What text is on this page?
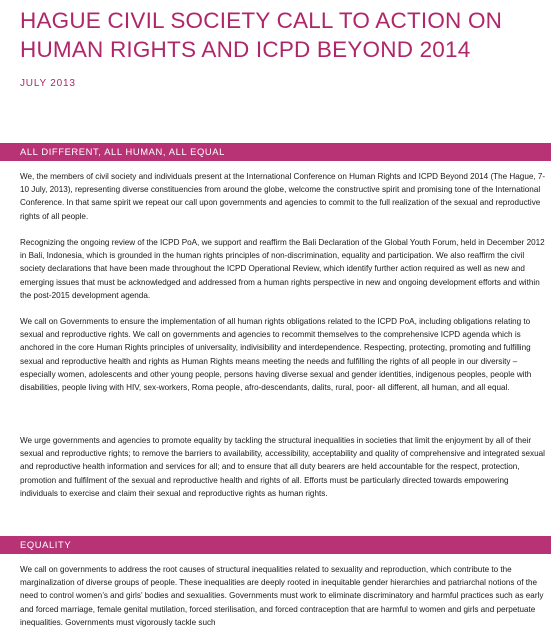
HAGUE CIVIL SOCIETY CALL TO ACTION ON HUMAN RIGHTS AND ICPD BEYOND 2014
JULY 2013
ALL DIFFERENT, ALL HUMAN, ALL EQUAL

We, the members of civil society and individuals present at the International Conference on Human Rights and ICPD Beyond 2014 (The Hague, 7-10 July, 2013), representing diverse constituencies from around the globe, welcome the constructive spirit and promising tone of the International Conference. In that same spirit we repeat our call upon governments and agencies to commit to the full realization of the sexual and reproductive rights of all people.

Recognizing the ongoing review of the ICPD PoA, we support and reaffirm the Bali Declaration of the Global Youth Forum, held in December 2012 in Bali, Indonesia, which is grounded in the human rights principles of non-discrimination, equality and participation. We also reaffirm the civil society declarations that have been made throughout the ICPD Operational Review, which identify further action required as well as new and emerging issues that must be acknowledged and addressed from a human rights perspective in new and ongoing development efforts and within the post-2015 development agenda.

We call on Governments to ensure the implementation of all human rights obligations related to the ICPD PoA, including obligations relating to sexual and reproductive rights. We call on governments and agencies to recommit themselves to the comprehensive ICPD agenda which is anchored in the core Human Rights principles of universality, indivisibility and interdependence. Respecting, protecting, promoting and fulfilling sexual and reproductive health and rights as Human Rights means meeting the needs and fulfilling the rights of all people in our diversity – especially women, adolescents and other young people, persons having diverse sexual and gender identities, indigenous peoples, people with disabilities, people living with HIV, sex-workers, Roma people, afro-descendants, dalits, rural, poor- all different, all human, and all equal.

We urge governments and agencies to promote equality by tackling the structural inequalities in societies that limit the enjoyment by all of their sexual and reproductive rights; to remove the barriers to availability, accessibility, acceptability and quality of comprehensive and integrated sexual and reproductive health information and services for all; and to ensure that all duty bearers are held accountable for the respect, protection, promotion and fulfilment of the sexual and reproductive health and rights of all. Efforts must be particularly directed towards empowering individuals to exercise and claim their sexual and reproductive rights as human rights.

EQUALITY

We call on governments to address the root causes of structural inequalities related to sexuality and reproduction, which contribute to the marginalization of diverse groups of people. These inequalities are deeply rooted in inequitable gender hierarchies and patriarchal notions of the need to control women’s and girls’ bodies and sexualities. Governments must work to eliminate discriminatory and harmful practices such as early and forced marriage, female genital mutilation, forced sterilisation, and forced contraception that are harmful to women and girls and perpetuate inequalities. Governments must vigorously tackle such
